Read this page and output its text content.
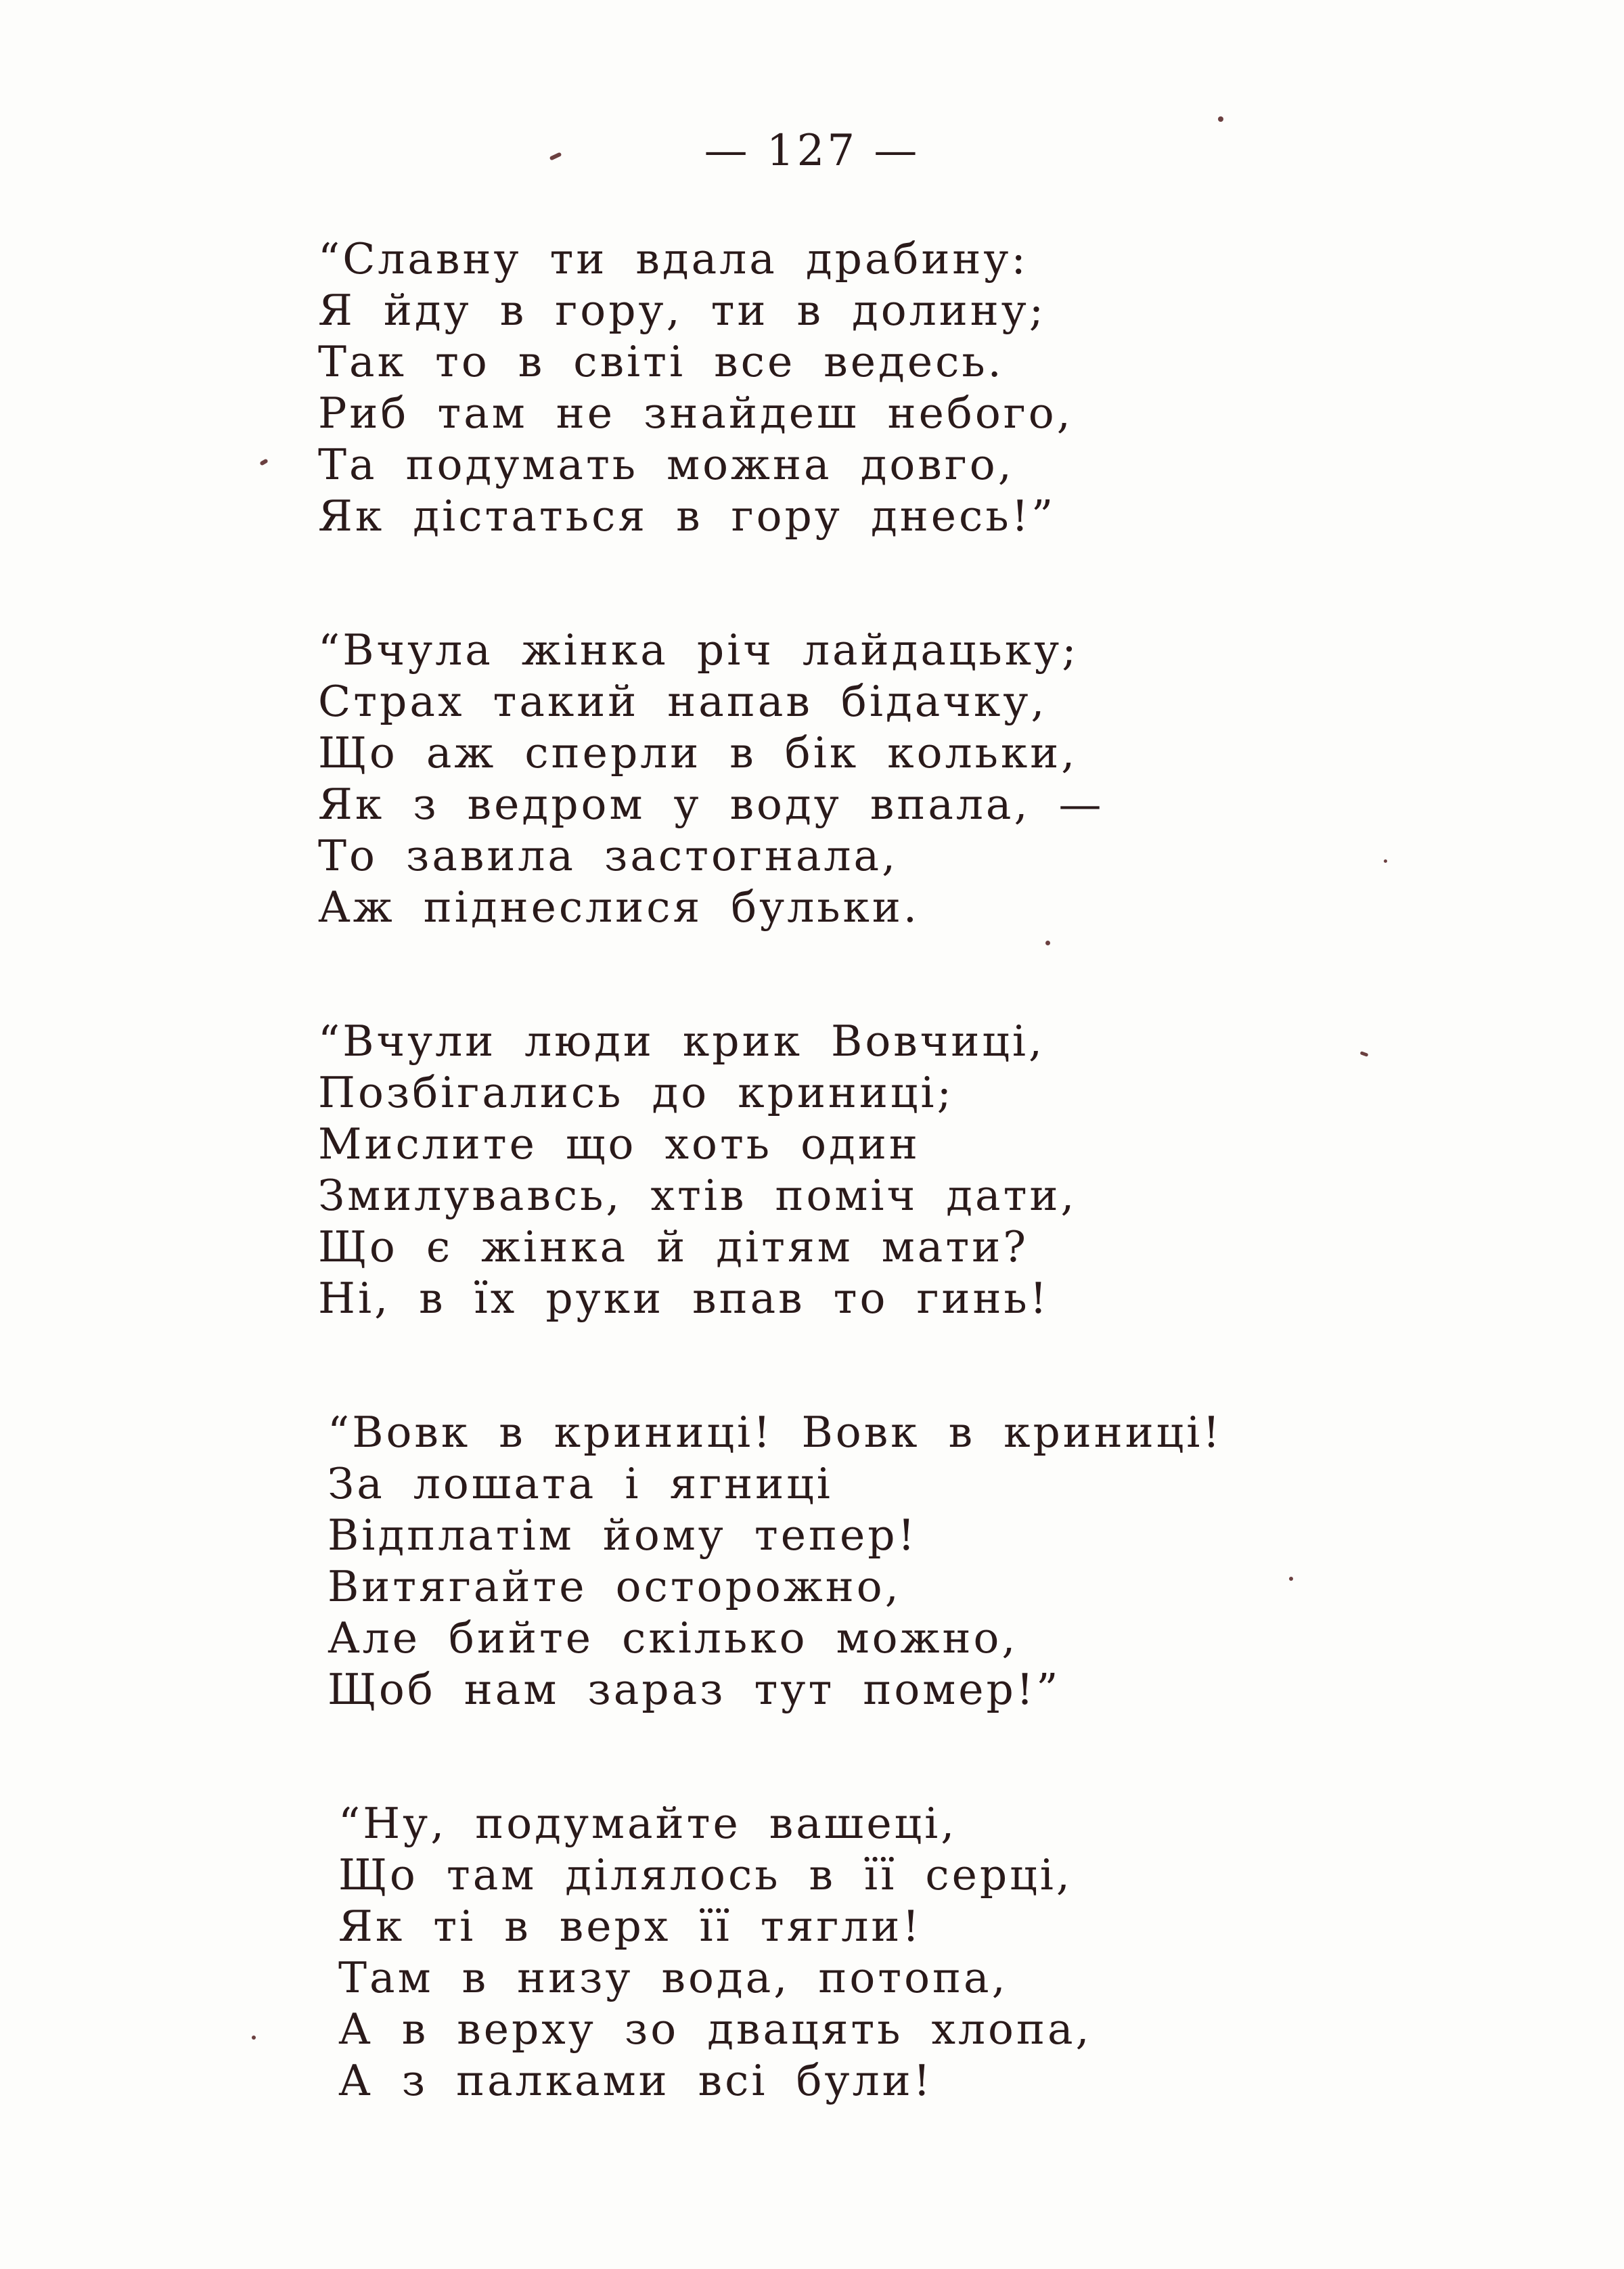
— 127 —
“Славну ти вдала драбину:
Я йду в гору, ти в долину;
Так то в світі все ведесь.
Риб там не знайдеш небого,
Та подумать можна довго,
Як дістаться в гору днесь!”
“Вчула жінка річ лайдацьку;
Страх такий напав бідачку,
Що аж сперли в бік кольки,
Як з ведром у воду впала, —
То завила застогнала,
Аж піднеслися бульки.
“Вчули люди крик Вовчиці,
Позбігались до криниці;
Мислите що хоть один
Змилувавсь, хтів поміч дати,
Що є жінка й дітям мати?
Ні, в їх руки впав то гинь!
“Вовк в криниці! Вовк в криниці!
За лошата і ягниці
Відплатім йому тепер!
Витягайте осторожно,
Але бийте скілько можно,
Щоб нам зараз тут помер!”
“Ну, подумайте вашеці,
Що там ділялось в її серці,
Як ті в верх її тягли!
Там в низу вода, потопа,
А в верху зо двацять хлопа,
А з палками всі були!
